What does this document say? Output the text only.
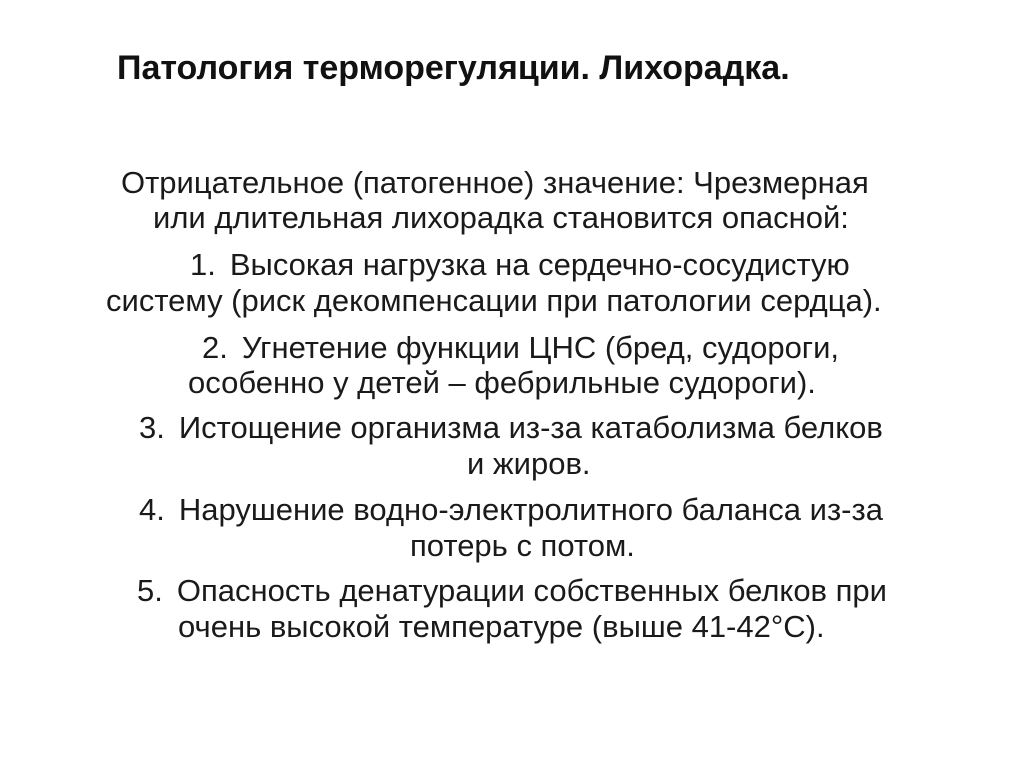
Патология терморегуляции. Лихорадка.
Отрицательное (патогенное) значение: Чрезмерная
или длительная лихорадка становится опасной:
1. Высокая нагрузка на сердечно-сосудистую
систему (риск декомпенсации при патологии сердца).
2. Угнетение функции ЦНС (бред, судороги,
особенно у детей – фебрильные судороги).
3. Истощение организма из-за катаболизма белков
и жиров.
4. Нарушение водно-электролитного баланса из-за
потерь с потом.
5. Опасность денатурации собственных белков при
очень высокой температуре (выше 41-42°С).
